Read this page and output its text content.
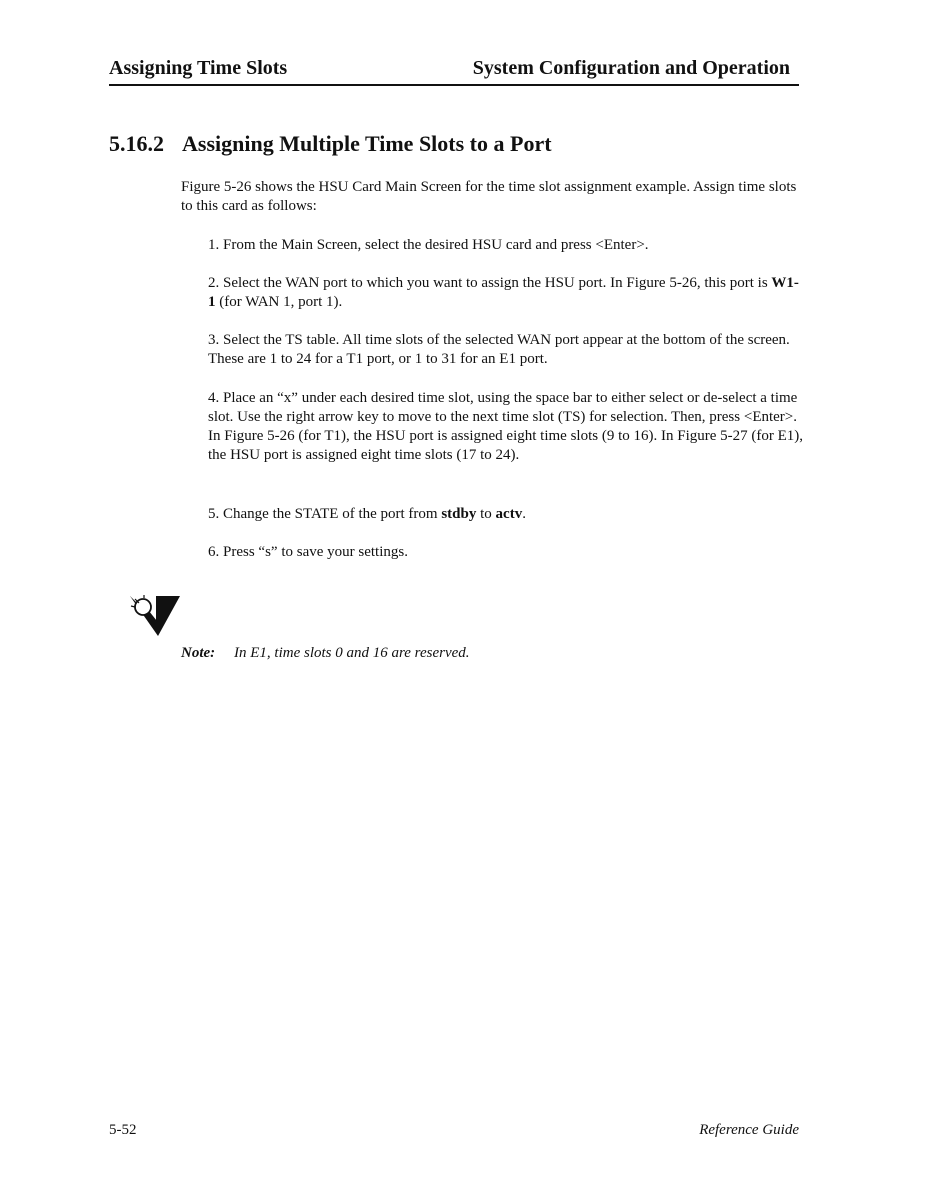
Assigning Time Slots	System Configuration and Operation
5.16.2 Assigning Multiple Time Slots to a Port
Figure 5-26 shows the HSU Card Main Screen for the time slot assignment example. Assign time slots to this card as follows:
1. From the Main Screen, select the desired HSU card and press <Enter>.
2. Select the WAN port to which you want to assign the HSU port. In Figure 5-26, this port is W1-1 (for WAN 1, port 1).
3. Select the TS table. All time slots of the selected WAN port appear at the bottom of the screen. These are 1 to 24 for a T1 port, or 1 to 31 for an E1 port.
4. Place an “x” under each desired time slot, using the space bar to either select or de-select a time slot. Use the right arrow key to move to the next time slot (TS) for selection. Then, press <Enter>. In Figure 5-26 (for T1), the HSU port is assigned eight time slots (9 to 16). In Figure 5-27 (for E1), the HSU port is assigned eight time slots (17 to 24).
5. Change the STATE of the port from stdby to actv.
6. Press “s” to save your settings.
Note: In E1, time slots 0 and 16 are reserved.
5-52	Reference Guide
